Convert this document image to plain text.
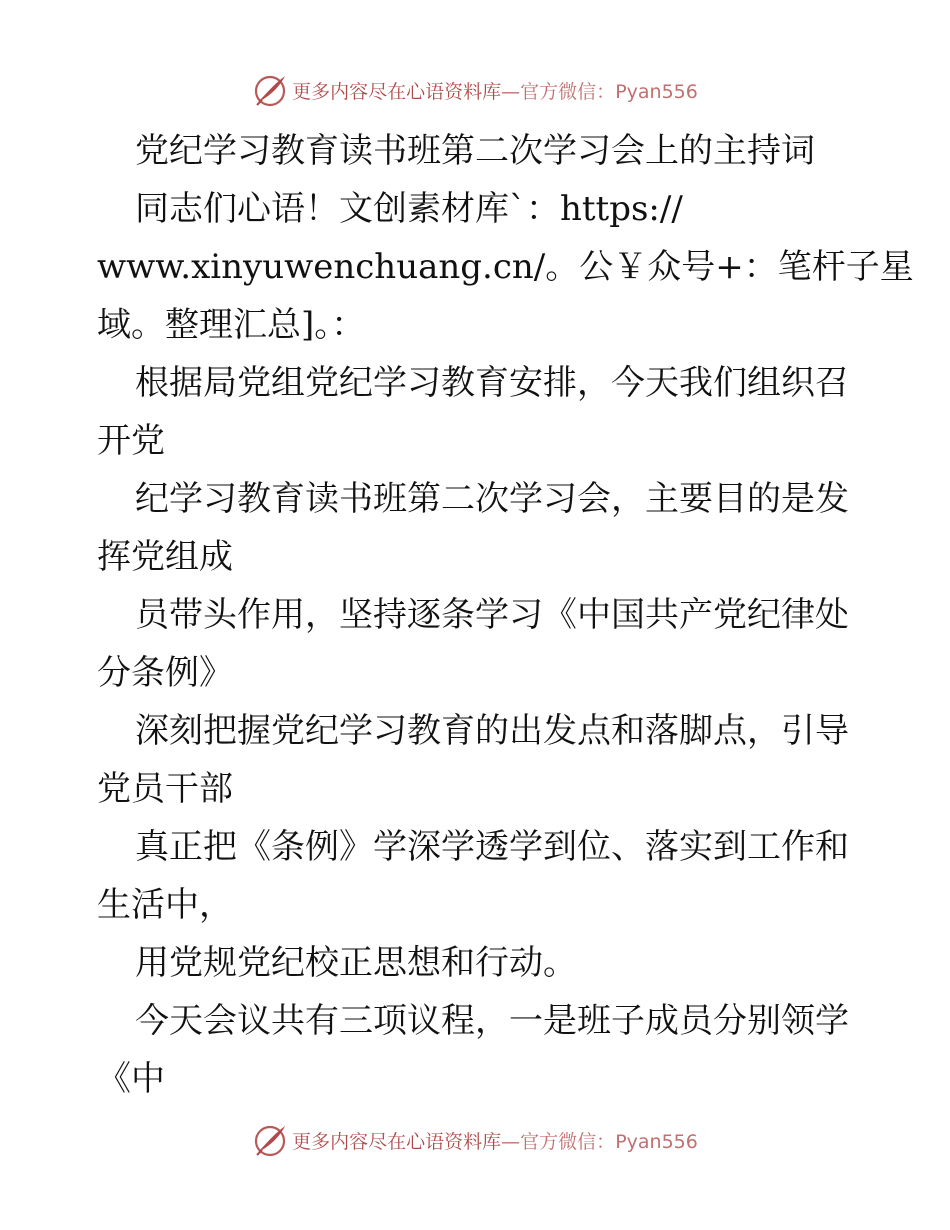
更多内容尽在心语资料库—官方微信：Pyan556
党纪学习教育读书班第二次学习会上的主持词
同志们心语！文创素材库`：https://
www.xinyuwenchuang.cn/。公￥众号+：笔杆子星
域。整理汇总]。：
根据局党组党纪学习教育安排，今天我们组织召
开党
纪学习教育读书班第二次学习会，主要目的是发
挥党组成
员带头作用，坚持逐条学习《中国共产党纪律处
分条例》
深刻把握党纪学习教育的出发点和落脚点，引导
党员干部
真正把《条例》学深学透学到位、落实到工作和
生活中，
用党规党纪校正思想和行动。
今天会议共有三项议程，一是班子成员分别领学
《中
更多内容尽在心语资料库—官方微信：Pyan556
